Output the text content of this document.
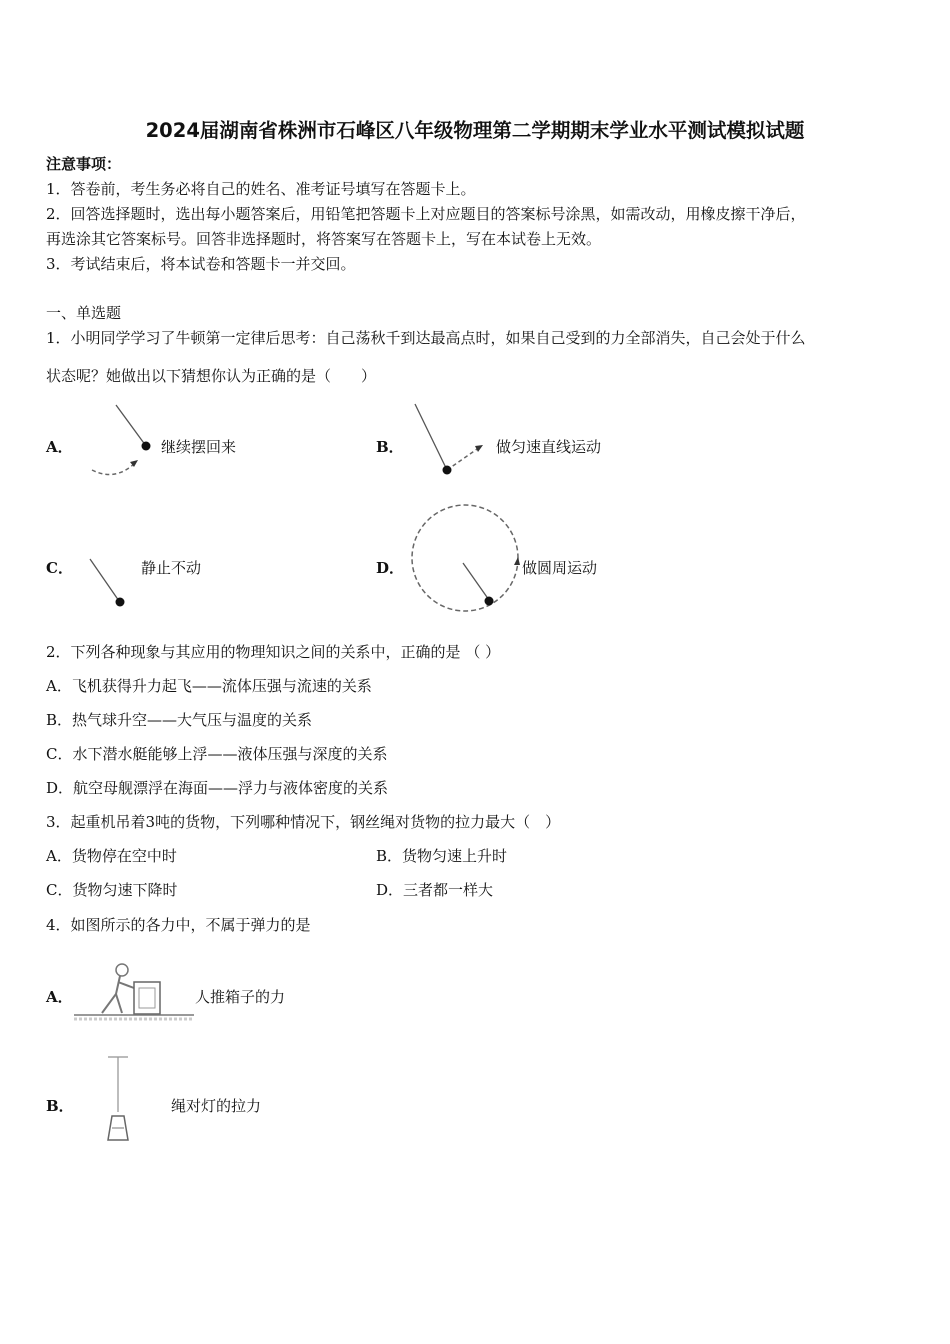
2024届湖南省株洲市石峰区八年级物理第二学期期末学业水平测试模拟试题
注意事项：
1．答卷前，考生务必将自己的姓名、准考证号填写在答题卡上。
2．回答选择题时，选出每小题答案后，用铅笔把答题卡上对应题目的答案标号涂黑，如需改动，用橡皮擦干净后，
再选涂其它答案标号。回答非选择题时，将答案写在答题卡上，写在本试卷上无效。
3．考试结束后，将本试卷和答题卡一并交回。
一、单选题
1．小明同学学习了牛顿第一定律后思考：自己荡秋千到达最高点时，如果自己受到的力全部消失，自己会处于什么
状态呢？她做出以下猜想你认为正确的是（　　）
A．	继续摆回来	B．	做匀速直线运动
C．	静止不动	D．	做圆周运动
2．下列各种现象与其应用的物理知识之间的关系中，正确的是 （ ）
A．飞机获得升力起飞——流体压强与流速的关系
B．热气球升空——大气压与温度的关系
C．水下潜水艇能够上浮——液体压强与深度的关系
D．航空母舰漂浮在海面——浮力与液体密度的关系
3．起重机吊着3吨的货物，下列哪种情况下，钢丝绳对货物的拉力最大（　）
A．货物停在空中时	B．货物匀速上升时
C．货物匀速下降时	D．三者都一样大
4．如图所示的各力中，不属于弹力的是
A．	人推箱子的力
B．	绳对灯的拉力
